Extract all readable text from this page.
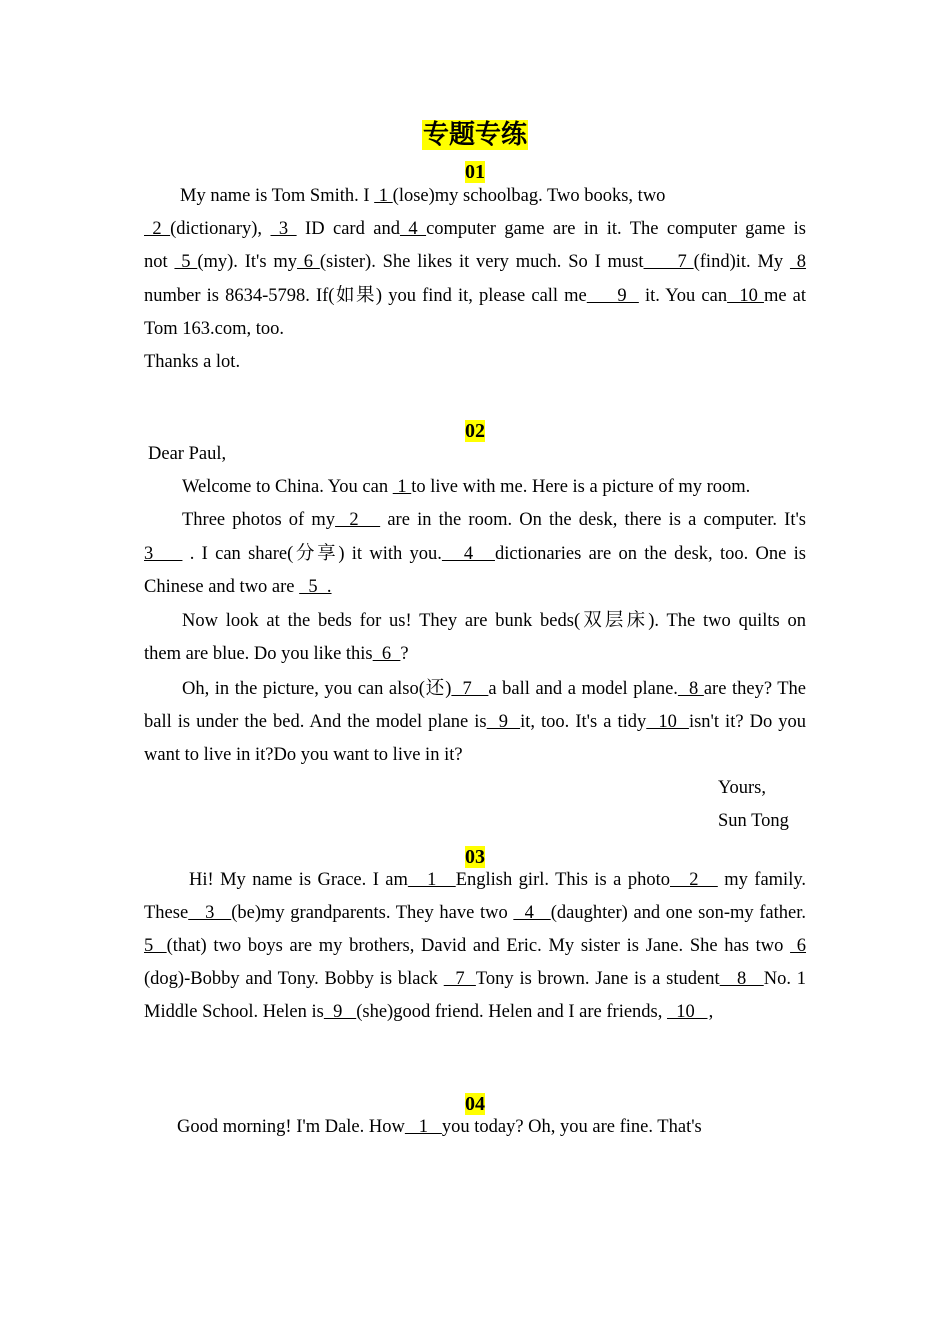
专题专练
01
My name is Tom Smith. I  1 (lose)my schoolbag. Two books, two
2 (dictionary),  3  ID card and 4 computer game are in it. The computer game is
not  5 (my). It's my 6 (sister). She likes it very much. So I must     7 (find)it. My  8
number is 8634-5798. If(如果) you find it, please call me     9   it. You can  10 me at
Tom 163.com, too.
Thanks a lot.
02
Dear Paul,
Welcome to China. You can  1 to live with me. Here is a picture of my room.
Three photos of my  2    are in the room. On the desk, there is a computer. It's
3     . I can share(分享) it with you.   4   dictionaries are on the desk, too. One is
Chinese and two are   5  .
Now look at the beds for us! They are bunk beds(双层床). The two quilts on
them are blue. Do you like this  6  ?
Oh, in the picture, you can also(还)  7   a ball and a model plane.  8 are they? The
ball is under the bed. And the model plane is  9  it, too. It's a tidy  10  isn't it? Do you
want to live in it?Do you want to live in it?
Yours,
Sun Tong
03
Hi! My name is Grace. I am   1   English girl. This is a photo   2    my family.
These   3   (be)my grandparents. They have two   4   (daughter) and one son-my father.
5  (that) two boys are my brothers, David and Eric. My sister is Jane. She has two  6
(dog)-Bobby and Tony. Bobby is black   7  Tony is brown. Jane is a student   8   No. 1
Middle School. Helen is  9   (she)good friend. Helen and I are friends,   10   ,
04
Good morning! I'm Dale. How   1   you today? Oh, you are fine. That's
